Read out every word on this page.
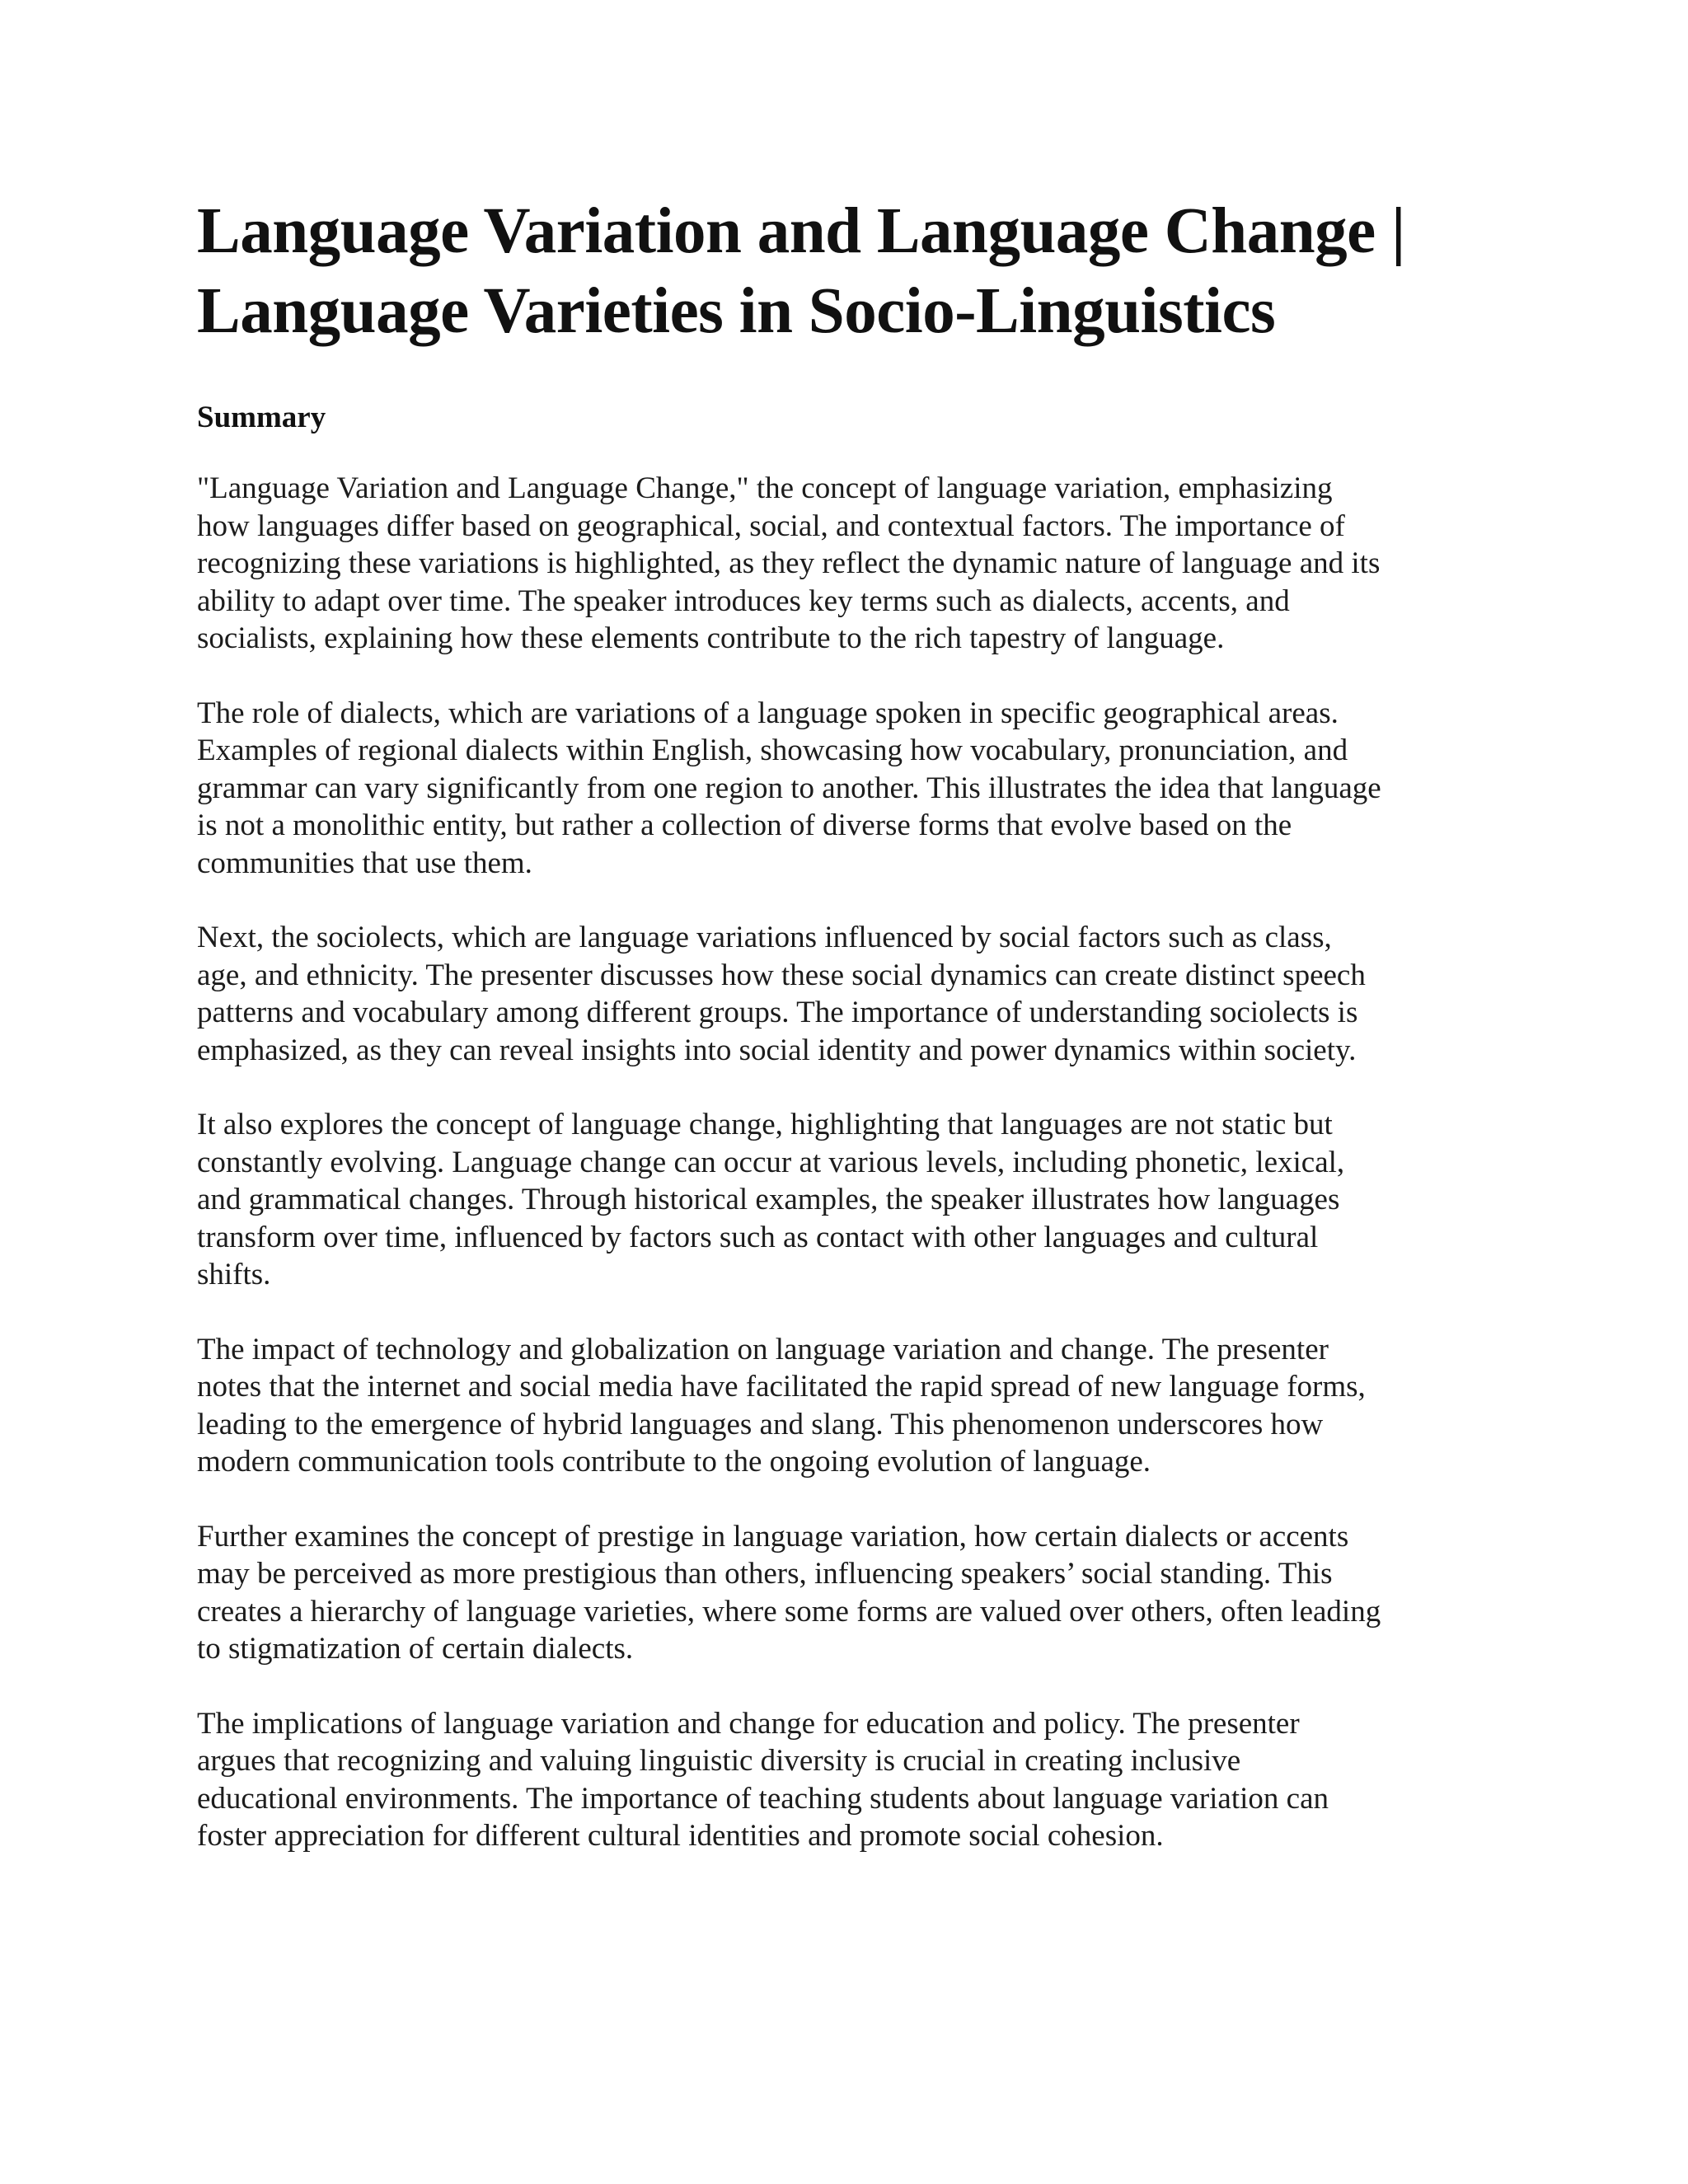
Language Variation and Language Change |
Language Varieties in Socio-Linguistics
Summary

"Language Variation and Language Change," the concept of language variation, emphasizing
how languages differ based on geographical, social, and contextual factors. The importance of
recognizing these variations is highlighted, as they reflect the dynamic nature of language and its
ability to adapt over time. The speaker introduces key terms such as dialects, accents, and
socialists, explaining how these elements contribute to the rich tapestry of language.

The role of dialects, which are variations of a language spoken in specific geographical areas.
Examples of regional dialects within English, showcasing how vocabulary, pronunciation, and
grammar can vary significantly from one region to another. This illustrates the idea that language
is not a monolithic entity, but rather a collection of diverse forms that evolve based on the
communities that use them.

Next, the sociolects, which are language variations influenced by social factors such as class,
age, and ethnicity. The presenter discusses how these social dynamics can create distinct speech
patterns and vocabulary among different groups. The importance of understanding sociolects is
emphasized, as they can reveal insights into social identity and power dynamics within society.

It also explores the concept of language change, highlighting that languages are not static but
constantly evolving. Language change can occur at various levels, including phonetic, lexical,
and grammatical changes. Through historical examples, the speaker illustrates how languages
transform over time, influenced by factors such as contact with other languages and cultural
shifts.

The impact of technology and globalization on language variation and change. The presenter
notes that the internet and social media have facilitated the rapid spread of new language forms,
leading to the emergence of hybrid languages and slang. This phenomenon underscores how
modern communication tools contribute to the ongoing evolution of language.

Further examines the concept of prestige in language variation, how certain dialects or accents
may be perceived as more prestigious than others, influencing speakers’ social standing. This
creates a hierarchy of language varieties, where some forms are valued over others, often leading
to stigmatization of certain dialects.

The implications of language variation and change for education and policy. The presenter
argues that recognizing and valuing linguistic diversity is crucial in creating inclusive
educational environments. The importance of teaching students about language variation can
foster appreciation for different cultural identities and promote social cohesion.
